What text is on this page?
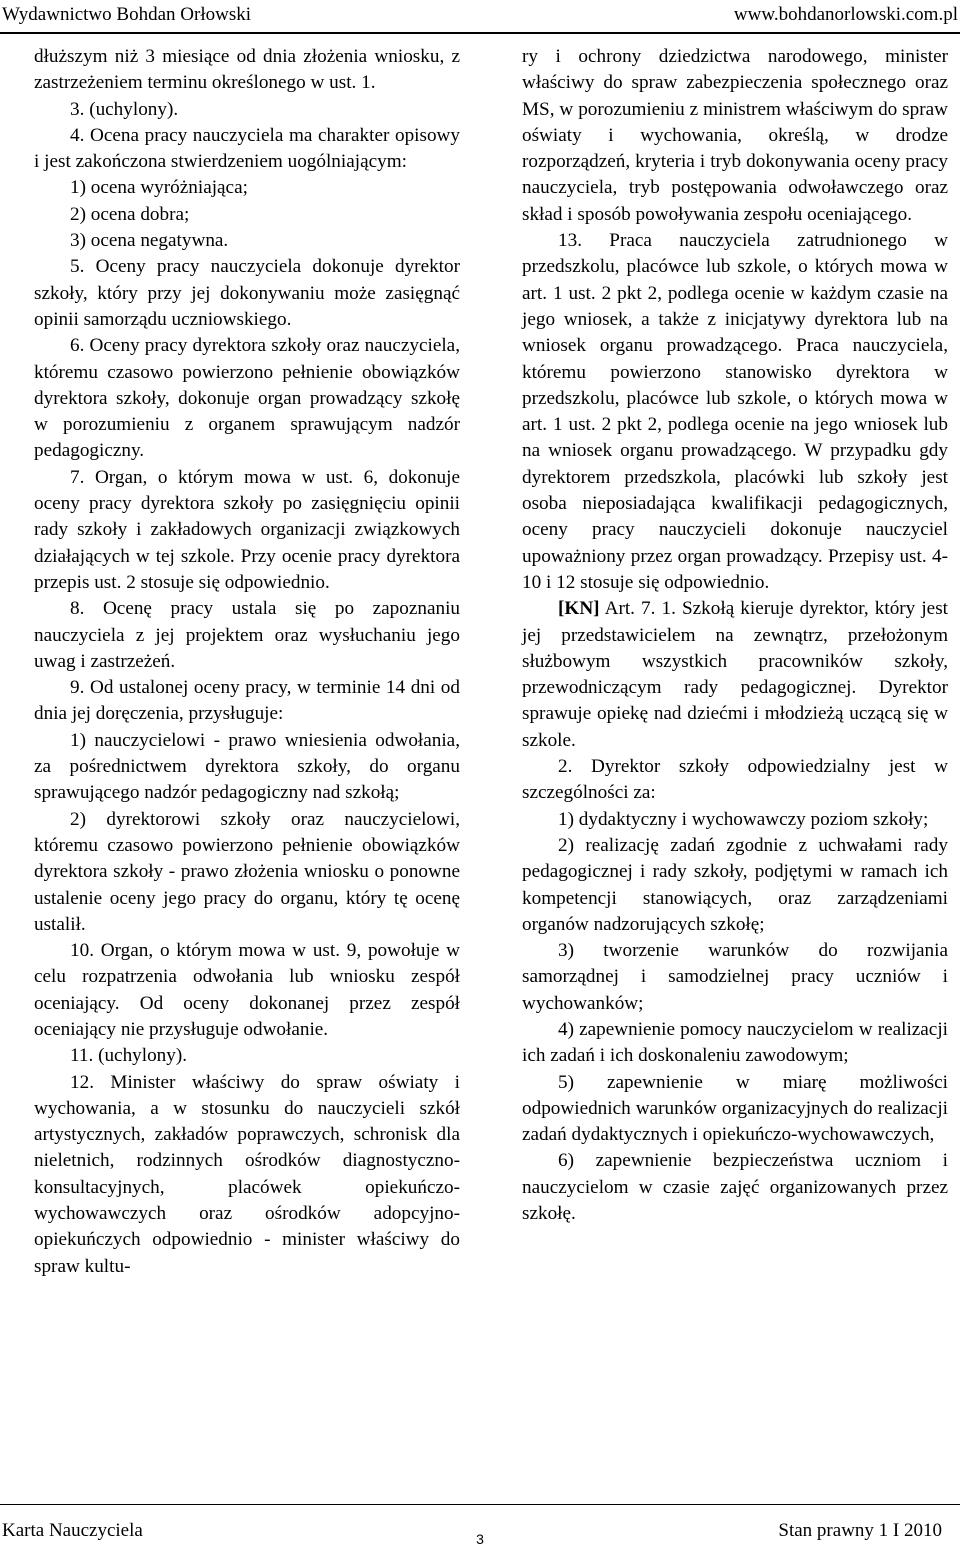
Wydawnictwo Bohdan Orłowski	www.bohdanorlowski.com.pl

dłuższym niż 3 miesiące od dnia złożenia wniosku, z zastrzeżeniem terminu określonego w ust. 1.

3. (uchylony).

4. Ocena pracy nauczyciela ma charakter opisowy i jest zakończona stwierdzeniem uogólniającym:

1) ocena wyróżniająca;

2) ocena dobra;

3) ocena negatywna.

5. Oceny pracy nauczyciela dokonuje dyrektor szkoły, który przy jej dokonywaniu może zasięgnąć opinii samorządu uczniowskiego.

6. Oceny pracy dyrektora szkoły oraz nauczyciela, któremu czasowo powierzono pełnienie obowiązków dyrektora szkoły, dokonuje organ prowadzący szkołę w porozumieniu z organem sprawującym nadzór pedagogiczny.

7. Organ, o którym mowa w ust. 6, dokonuje oceny pracy dyrektora szkoły po zasięgnięciu opinii rady szkoły i zakładowych organizacji związkowych działających w tej szkole. Przy ocenie pracy dyrektora przepis ust. 2 stosuje się odpowiednio.

8. Ocenę pracy ustala się po zapoznaniu nauczyciela z jej projektem oraz wysłuchaniu jego uwag i zastrzeżeń.

9. Od ustalonej oceny pracy, w terminie 14 dni od dnia jej doręczenia, przysługuje:

1) nauczycielowi - prawo wniesienia odwołania, za pośrednictwem dyrektora szkoły, do organu sprawującego nadzór pedagogiczny nad szkołą;

2) dyrektorowi szkoły oraz nauczycielowi, któremu czasowo powierzono pełnienie obowiązków dyrektora szkoły - prawo złożenia wniosku o ponowne ustalenie oceny jego pracy do organu, który tę ocenę ustalił.

10. Organ, o którym mowa w ust. 9, powołuje w celu rozpatrzenia odwołania lub wniosku zespół oceniający. Od oceny dokonanej przez zespół oceniający nie przysługuje odwołanie.

11. (uchylony).

12. Minister właściwy do spraw oświaty i wychowania, a w stosunku do nauczycieli szkół artystycznych, zakładów poprawczych, schronisk dla nieletnich, rodzinnych ośrodków diagnostyczno-konsultacyjnych, placówek opiekuńczo-wychowawczych oraz ośrodków adopcyjno-opiekuńczych odpowiednio - minister właściwy do spraw kultu-

ry i ochrony dziedzictwa narodowego, minister właściwy do spraw zabezpieczenia społecznego oraz MS, w porozumieniu z ministrem właściwym do spraw oświaty i wychowania, określą, w drodze rozporządzeń, kryteria i tryb dokonywania oceny pracy nauczyciela, tryb postępowania odwoławczego oraz skład i sposób powoływania zespołu oceniającego.

13. Praca nauczyciela zatrudnionego w przedszkolu, placówce lub szkole, o których mowa w art. 1 ust. 2 pkt 2, podlega ocenie w każdym czasie na jego wniosek, a także z inicjatywy dyrektora lub na wniosek organu prowadzącego. Praca nauczyciela, któremu powierzono stanowisko dyrektora w przedszkolu, placówce lub szkole, o których mowa w art. 1 ust. 2 pkt 2, podlega ocenie na jego wniosek lub na wniosek organu prowadzącego. W przypadku gdy dyrektorem przedszkola, placówki lub szkoły jest osoba nieposiadająca kwalifikacji pedagogicznych, oceny pracy nauczycieli dokonuje nauczyciel upoważniony przez organ prowadzący. Przepisy ust. 4-10 i 12 stosuje się odpowiednio.

[KN] Art. 7. 1. Szkołą kieruje dyrektor, który jest jej przedstawicielem na zewnątrz, przełożonym służbowym wszystkich pracowników szkoły, przewodniczącym rady pedagogicznej. Dyrektor sprawuje opiekę nad dziećmi i młodzieżą uczącą się w szkole.

2. Dyrektor szkoły odpowiedzialny jest w szczególności za:

1) dydaktyczny i wychowawczy poziom szkoły;

2) realizację zadań zgodnie z uchwałami rady pedagogicznej i rady szkoły, podjętymi w ramach ich kompetencji stanowiących, oraz zarządzeniami organów nadzorujących szkołę;

3) tworzenie warunków do rozwijania samorządnej i samodzielnej pracy uczniów i wychowanków;

4) zapewnienie pomocy nauczycielom w realizacji ich zadań i ich doskonaleniu zawodowym;

5) zapewnienie w miarę możliwości odpowiednich warunków organizacyjnych do realizacji zadań dydaktycznych i opiekuńczo-wychowawczych,

6) zapewnienie bezpieczeństwa uczniom i nauczycielom w czasie zajęć organizowanych przez szkołę.

Karta Nauczyciela	3	Stan prawny 1 I 2010
